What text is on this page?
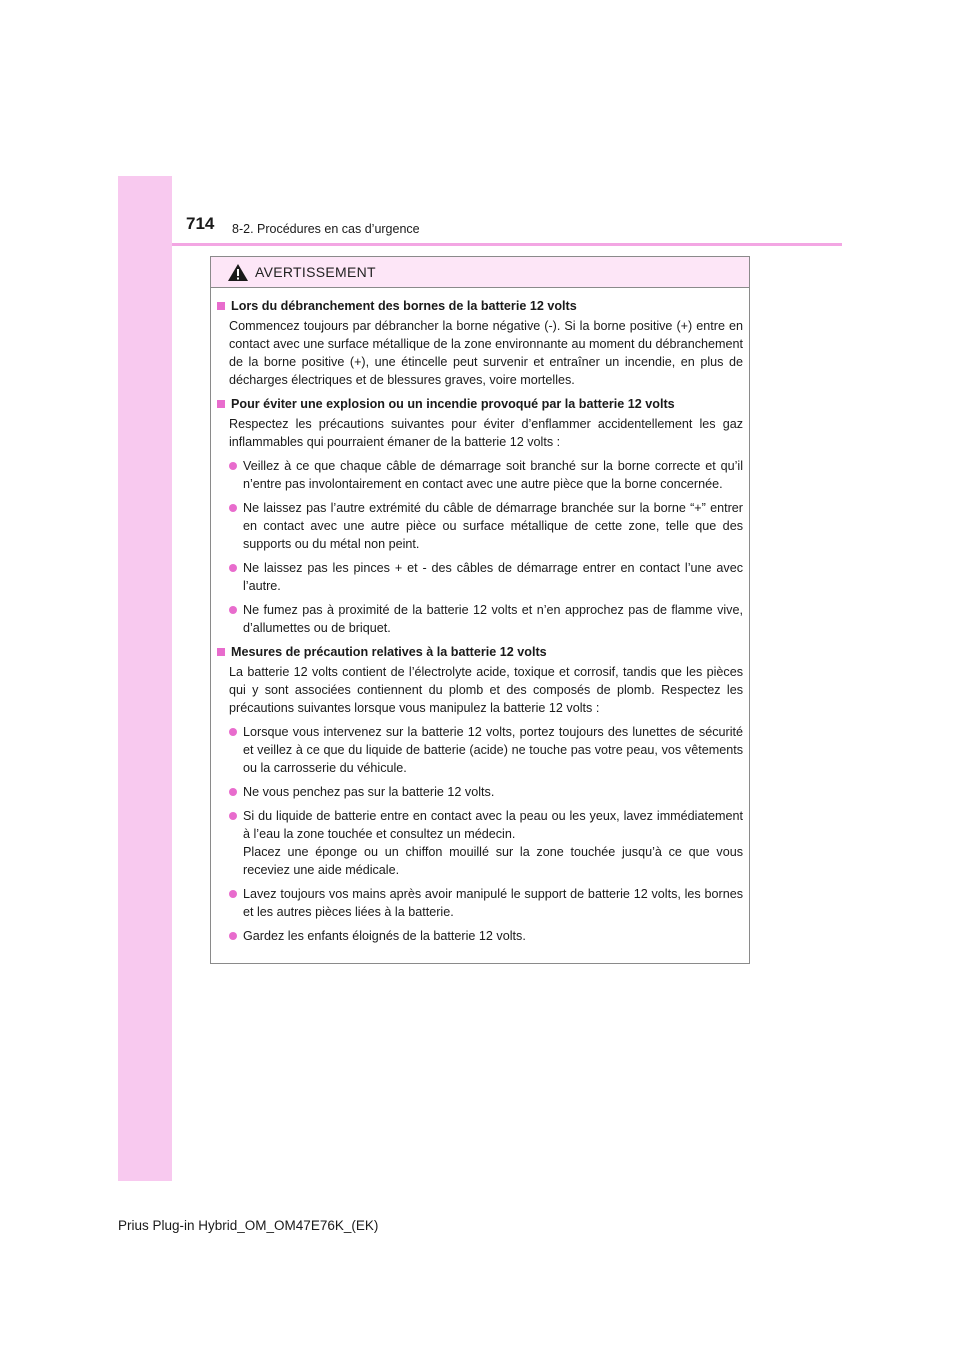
714 8-2. Procédures en cas d’urgence
AVERTISSEMENT
Lors du débranchement des bornes de la batterie 12 volts
Commencez toujours par débrancher la borne négative (-). Si la borne positive (+) entre en contact avec une surface métallique de la zone environnante au moment du débranchement de la borne positive (+), une étincelle peut survenir et entraîner un incendie, en plus de décharges électriques et de blessures graves, voire mortelles.
Pour éviter une explosion ou un incendie provoqué par la batterie 12 volts
Respectez les précautions suivantes pour éviter d’enflammer accidentellement les gaz inflammables qui pourraient émaner de la batterie 12 volts :
Veillez à ce que chaque câble de démarrage soit branché sur la borne correcte et qu’il n’entre pas involontairement en contact avec une autre pièce que la borne concernée.
Ne laissez pas l’autre extrémité du câble de démarrage branchée sur la borne “+” entrer en contact avec une autre pièce ou surface métallique de cette zone, telle que des supports ou du métal non peint.
Ne laissez pas les pinces + et - des câbles de démarrage entrer en contact l’une avec l’autre.
Ne fumez pas à proximité de la batterie 12 volts et n’en approchez pas de flamme vive, d’allumettes ou de briquet.
Mesures de précaution relatives à la batterie 12 volts
La batterie 12 volts contient de l’électrolyte acide, toxique et corrosif, tandis que les pièces qui y sont associées contiennent du plomb et des composés de plomb. Respectez les précautions suivantes lorsque vous manipulez la batterie 12 volts :
Lorsque vous intervenez sur la batterie 12 volts, portez toujours des lunettes de sécurité et veillez à ce que du liquide de batterie (acide) ne touche pas votre peau, vos vêtements ou la carrosserie du véhicule.
Ne vous penchez pas sur la batterie 12 volts.
Si du liquide de batterie entre en contact avec la peau ou les yeux, lavez immédiatement à l’eau la zone touchée et consultez un médecin.
Placez une éponge ou un chiffon mouillé sur la zone touchée jusqu’à ce que vous receviez une aide médicale.
Lavez toujours vos mains après avoir manipulé le support de batterie 12 volts, les bornes et les autres pièces liées à la batterie.
Gardez les enfants éloignés de la batterie 12 volts.
Prius Plug-in Hybrid_OM_OM47E76K_(EK)
